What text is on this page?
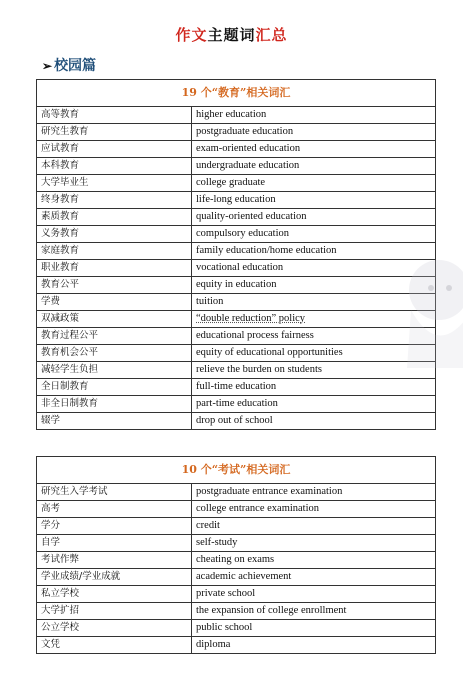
作文主题词汇总
➢ 校园篇
19 个“教育”相关词汇	
高等教育	higher education
研究生教育	postgraduate education
应试教育	exam-oriented education
本科教育	undergraduate education
大学毕业生	college graduate
终身教育	life-long education
素质教育	quality-oriented education
义务教育	compulsory education
家庭教育	family education/home education
职业教育	vocational education
教育公平	equity in education
学费	tuition
双减政策	“double reduction” policy
教育过程公平	educational process fairness
教育机会公平	equity of educational opportunities
减轻学生负担	relieve the burden on students
全日制教育	full-time education
非全日制教育	part-time education
辍学	drop out of school
10 个“考试”相关词汇	
研究生入学考试	postgraduate entrance examination
高考	college entrance examination
学分	credit
自学	self-study
考试作弊	cheating on exams
学业成绩/学业成就	academic achievement
私立学校	private school
大学扩招	the expansion of college enrollment
公立学校	public school
文凭	diploma
